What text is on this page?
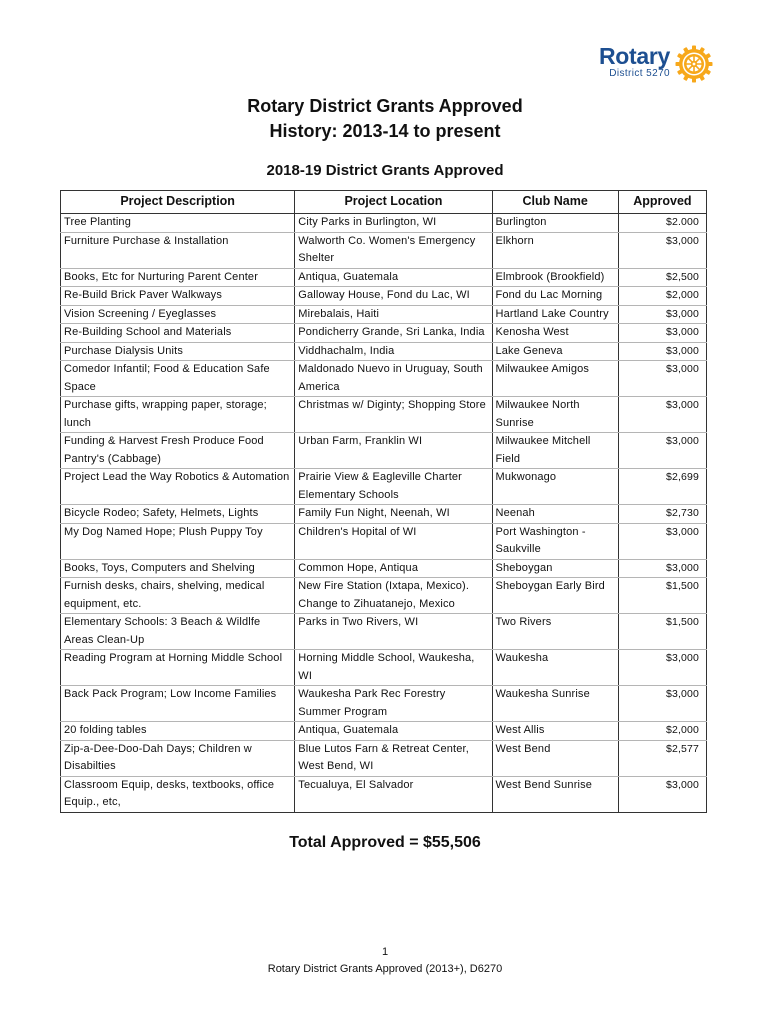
Rotary
District 5270
Rotary District Grants Approved
History: 2013-14 to present
2018-19 District Grants Approved
Project Description	Project Location	Club Name	Approved
Tree Planting	City Parks in Burlington, WI	Burlington	$2.000
Furniture Purchase & Installation	Walworth Co. Women's Emergency Shelter	Elkhorn	$3,000
Books, Etc for Nurturing Parent Center	Antiqua, Guatemala	Elmbrook (Brookfield)	$2,500
Re-Build Brick Paver Walkways	Galloway House, Fond du Lac, WI	Fond du Lac Morning	$2,000
Vision Screening / Eyeglasses	Mirebalais, Haiti	Hartland Lake Country	$3,000
Re-Building School and Materials	Pondicherry Grande, Sri Lanka, India	Kenosha West	$3,000
Purchase Dialysis Units	Viddhachalm, India	Lake Geneva	$3,000
Comedor Infantil; Food & Education Safe Space	Maldonado Nuevo in Uruguay, South America	Milwaukee Amigos	$3,000
Purchase gifts, wrapping paper, storage; lunch	Christmas w/ Diginty; Shopping Store	Milwaukee North Sunrise	$3,000
Funding & Harvest Fresh Produce Food Pantry's (Cabbage)	Urban Farm, Franklin WI	Milwaukee Mitchell Field	$3,000
Project Lead the Way Robotics & Automation	Prairie View & Eagleville Charter Elementary Schools	Mukwonago	$2,699
Bicycle Rodeo; Safety, Helmets, Lights	Family Fun Night, Neenah, WI	Neenah	$2,730
My Dog Named Hope; Plush Puppy Toy	Children's Hopital of WI	Port Washington - Saukville	$3,000
Books, Toys, Computers and Shelving	Common Hope, Antiqua	Sheboygan	$3,000
Furnish desks, chairs, shelving, medical equipment, etc.	New Fire Station (Ixtapa, Mexico). Change to Zihuatanejo, Mexico	Sheboygan Early Bird	$1,500
Elementary Schools: 3 Beach & Wildlfe Areas Clean-Up	Parks in Two Rivers, WI	Two Rivers	$1,500
Reading Program at Horning Middle School	Horning Middle School, Waukesha, WI	Waukesha	$3,000
Back Pack Program; Low Income Families	Waukesha Park Rec Forestry Summer Program	Waukesha Sunrise	$3,000
20 folding tables	Antiqua, Guatemala	West Allis	$2,000
Zip-a-Dee-Doo-Dah Days; Children w Disabilties	Blue Lutos Farn & Retreat Center, West Bend, WI	West Bend	$2,577
Classroom Equip, desks, textbooks, office Equip., etc,	Tecualuya, El Salvador	West Bend Sunrise	$3,000
Total Approved = $55,506
1
Rotary District Grants Approved (2013+), D6270
